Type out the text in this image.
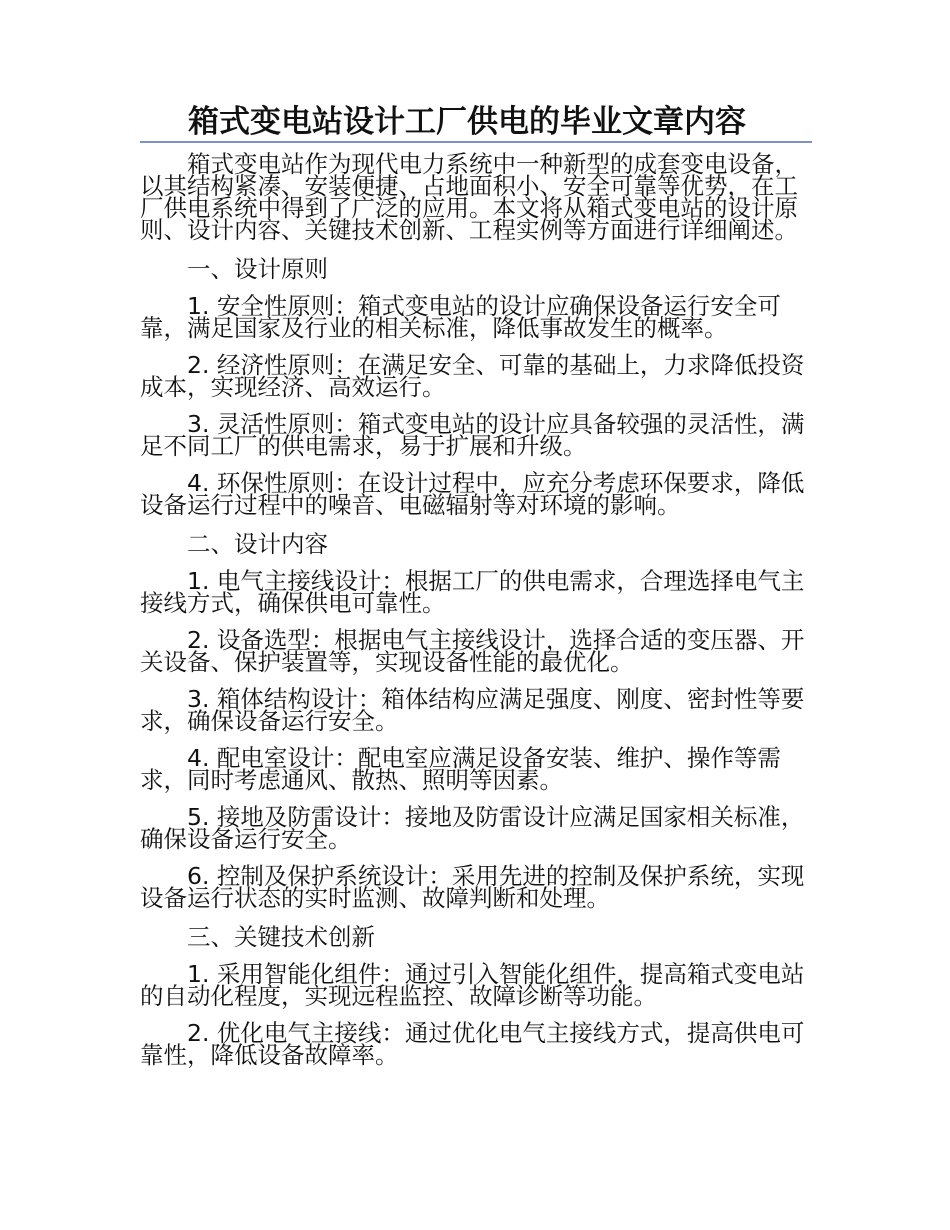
箱式变电站设计工厂供电的毕业文章内容

箱式变电站作为现代电力系统中一种新型的成套变电设备，以其结构紧凑、安装便捷、占地面积小、安全可靠等优势，在工厂供电系统中得到了广泛的应用。本文将从箱式变电站的设计原则、设计内容、关键技术创新、工程实例等方面进行详细阐述。

一、设计原则

1. 安全性原则：箱式变电站的设计应确保设备运行安全可靠，满足国家及行业的相关标准，降低事故发生的概率。

2. 经济性原则：在满足安全、可靠的基础上，力求降低投资成本，实现经济、高效运行。

3. 灵活性原则：箱式变电站的设计应具备较强的灵活性，满足不同工厂的供电需求，易于扩展和升级。

4. 环保性原则：在设计过程中，应充分考虑环保要求，降低设备运行过程中的噪音、电磁辐射等对环境的影响。

二、设计内容

1. 电气主接线设计：根据工厂的供电需求，合理选择电气主接线方式，确保供电可靠性。

2. 设备选型：根据电气主接线设计，选择合适的变压器、开关设备、保护装置等，实现设备性能的最优化。

3. 箱体结构设计：箱体结构应满足强度、刚度、密封性等要求，确保设备运行安全。

4. 配电室设计：配电室应满足设备安装、维护、操作等需求，同时考虑通风、散热、照明等因素。

5. 接地及防雷设计：接地及防雷设计应满足国家相关标准，确保设备运行安全。

6. 控制及保护系统设计：采用先进的控制及保护系统，实现设备运行状态的实时监测、故障判断和处理。

三、关键技术创新

1. 采用智能化组件：通过引入智能化组件，提高箱式变电站的自动化程度，实现远程监控、故障诊断等功能。

2. 优化电气主接线：通过优化电气主接线方式，提高供电可靠性，降低设备故障率。
